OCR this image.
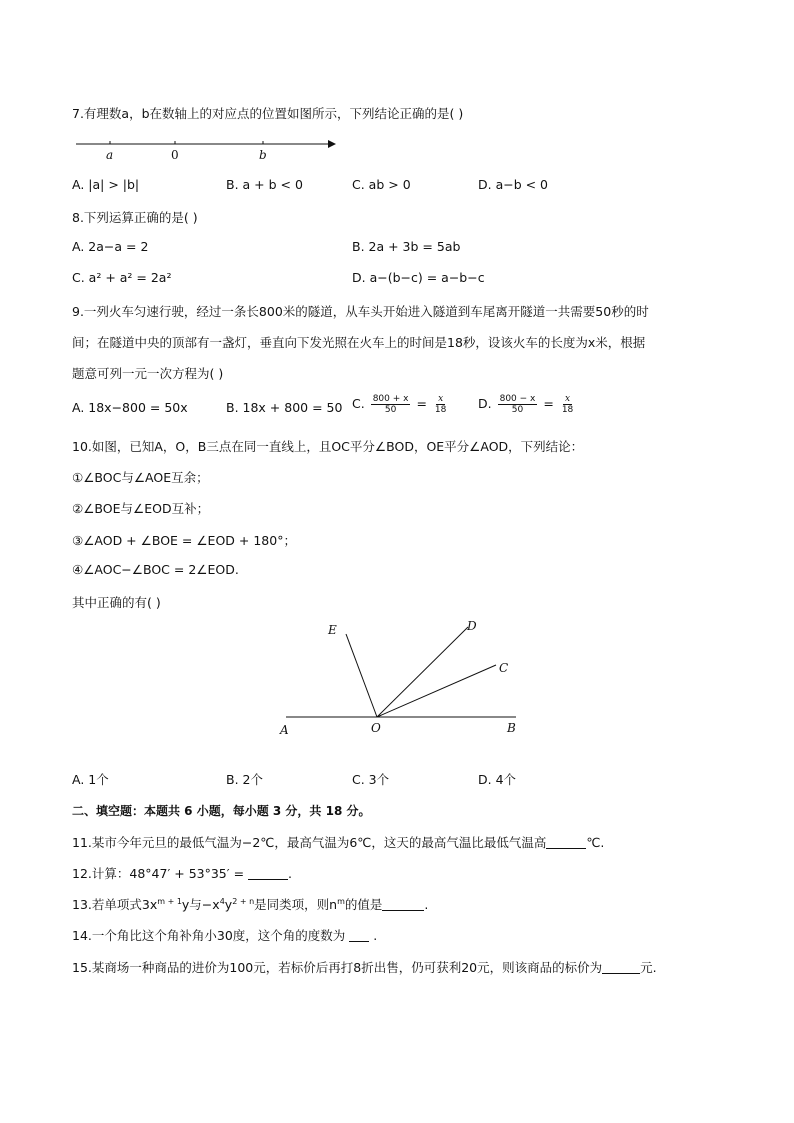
7.有理数a，b在数轴上的对应点的位置如图所示，下列结论正确的是( )
a	0	b
A. |a| > |b|	B. a + b < 0	C. ab > 0	D. a−b < 0
8.下列运算正确的是( )
A. 2a−a = 2	B. 2a + 3b = 5ab
C. a² + a² = 2a²	D. a−(b−c) = a−b−c
9.一列火车匀速行驶，经过一条长800米的隧道，从车头开始进入隧道到车尾离开隧道一共需要50秒的时
间；在隧道中央的顶部有一盏灯，垂直向下发光照在火车上的时间是18秒，设该火车的长度为x米，根据
题意可列一元一次方程为( )
A. 18x−800 = 50x	B. 18x + 800 = 50 C. $\frac{800 + x}{50} = \frac{x}{18} D$. $\frac{800 - x}{50} = \frac{x}{18}$
10.如图，已知A，O，B三点在同一直线上，且OC平分∠BOD，OE平分∠AOD，下列结论：
①∠BOC与∠AOE互余；
②∠BOE与∠EOD互补；
③∠AOD + ∠BOE = ∠EOD + 180°；
④∠AOC−∠BOC = 2∠EOD.
其中正确的有( )
E	D
C
A	O	B
A. 1个	B. 2个	C. 3个	D. 4个
二、填空题：本题共 6 小题，每小题 3 分，共 18 分。
11.某市今年元旦的最低气温为−2℃，最高气温为6℃，这天的最高气温比最低气温高	℃.
12.计算：48°47′ + 53°35′ =	.
13.若单项式$3x^{m + 1}y$与$-x^4y^{2 + n}$是同类项，则$n^m$的值是	.
14.一个角比这个角补角小30度，这个角的度数为 .
15.某商场一种商品的进价为100元，若标价后再打8折出售，仍可获利20元，则该商品的标价为	元.
